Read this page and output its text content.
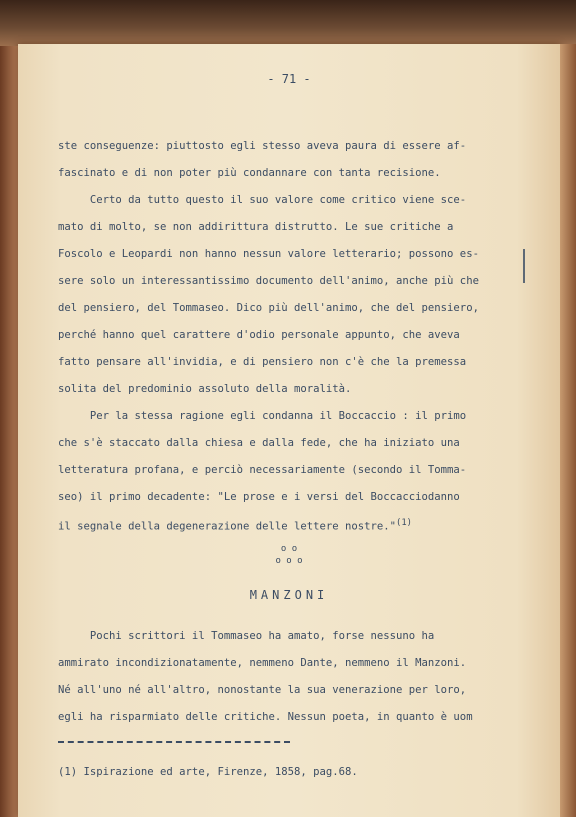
- 71 -
ste conseguenze: piuttosto egli stesso aveva paura di essere af-
fascinato e di non poter più condannare con tanta recisione.
Certo da tutto questo il suo valore come critico viene sce-
mato di molto, se non addirittura distrutto. Le sue critiche a
Foscolo e Leopardi non hanno nessun valore letterario; possono es-
sere solo un interessantissimo documento dell'animo, anche più che
del pensiero, del Tommaseo. Dico più dell'animo, che del pensiero,
perché hanno quel carattere d'odio personale appunto, che aveva
fatto pensare all'invidia, e di pensiero non c'è che la premessa
solita del predominio assoluto della moralità.
Per la stessa ragione egli condanna il Boccaccio : il primo
che s'è staccato dalla chiesa e dalla fede, che ha iniziato una
letteratura profana, e perciò necessariamente (secondo il Tomma-
seo) il primo decadente: "Le prose e i versi del Boccacciodanno
il segnale della degenerazione delle lettere nostre."$^{(1)}$
o o
o o o
MANZONI
Pochi scrittori il Tommaseo ha amato, forse nessuno ha
ammirato incondizionatamente, nemmeno Dante, nemmeno il Manzoni.
Né all'uno né all'altro, nonostante la sua venerazione per loro,
egli ha risparmiato delle critiche. Nessun poeta, in quanto è uom
(1) Ispirazione ed arte, Firenze, 1858, pag.68.
